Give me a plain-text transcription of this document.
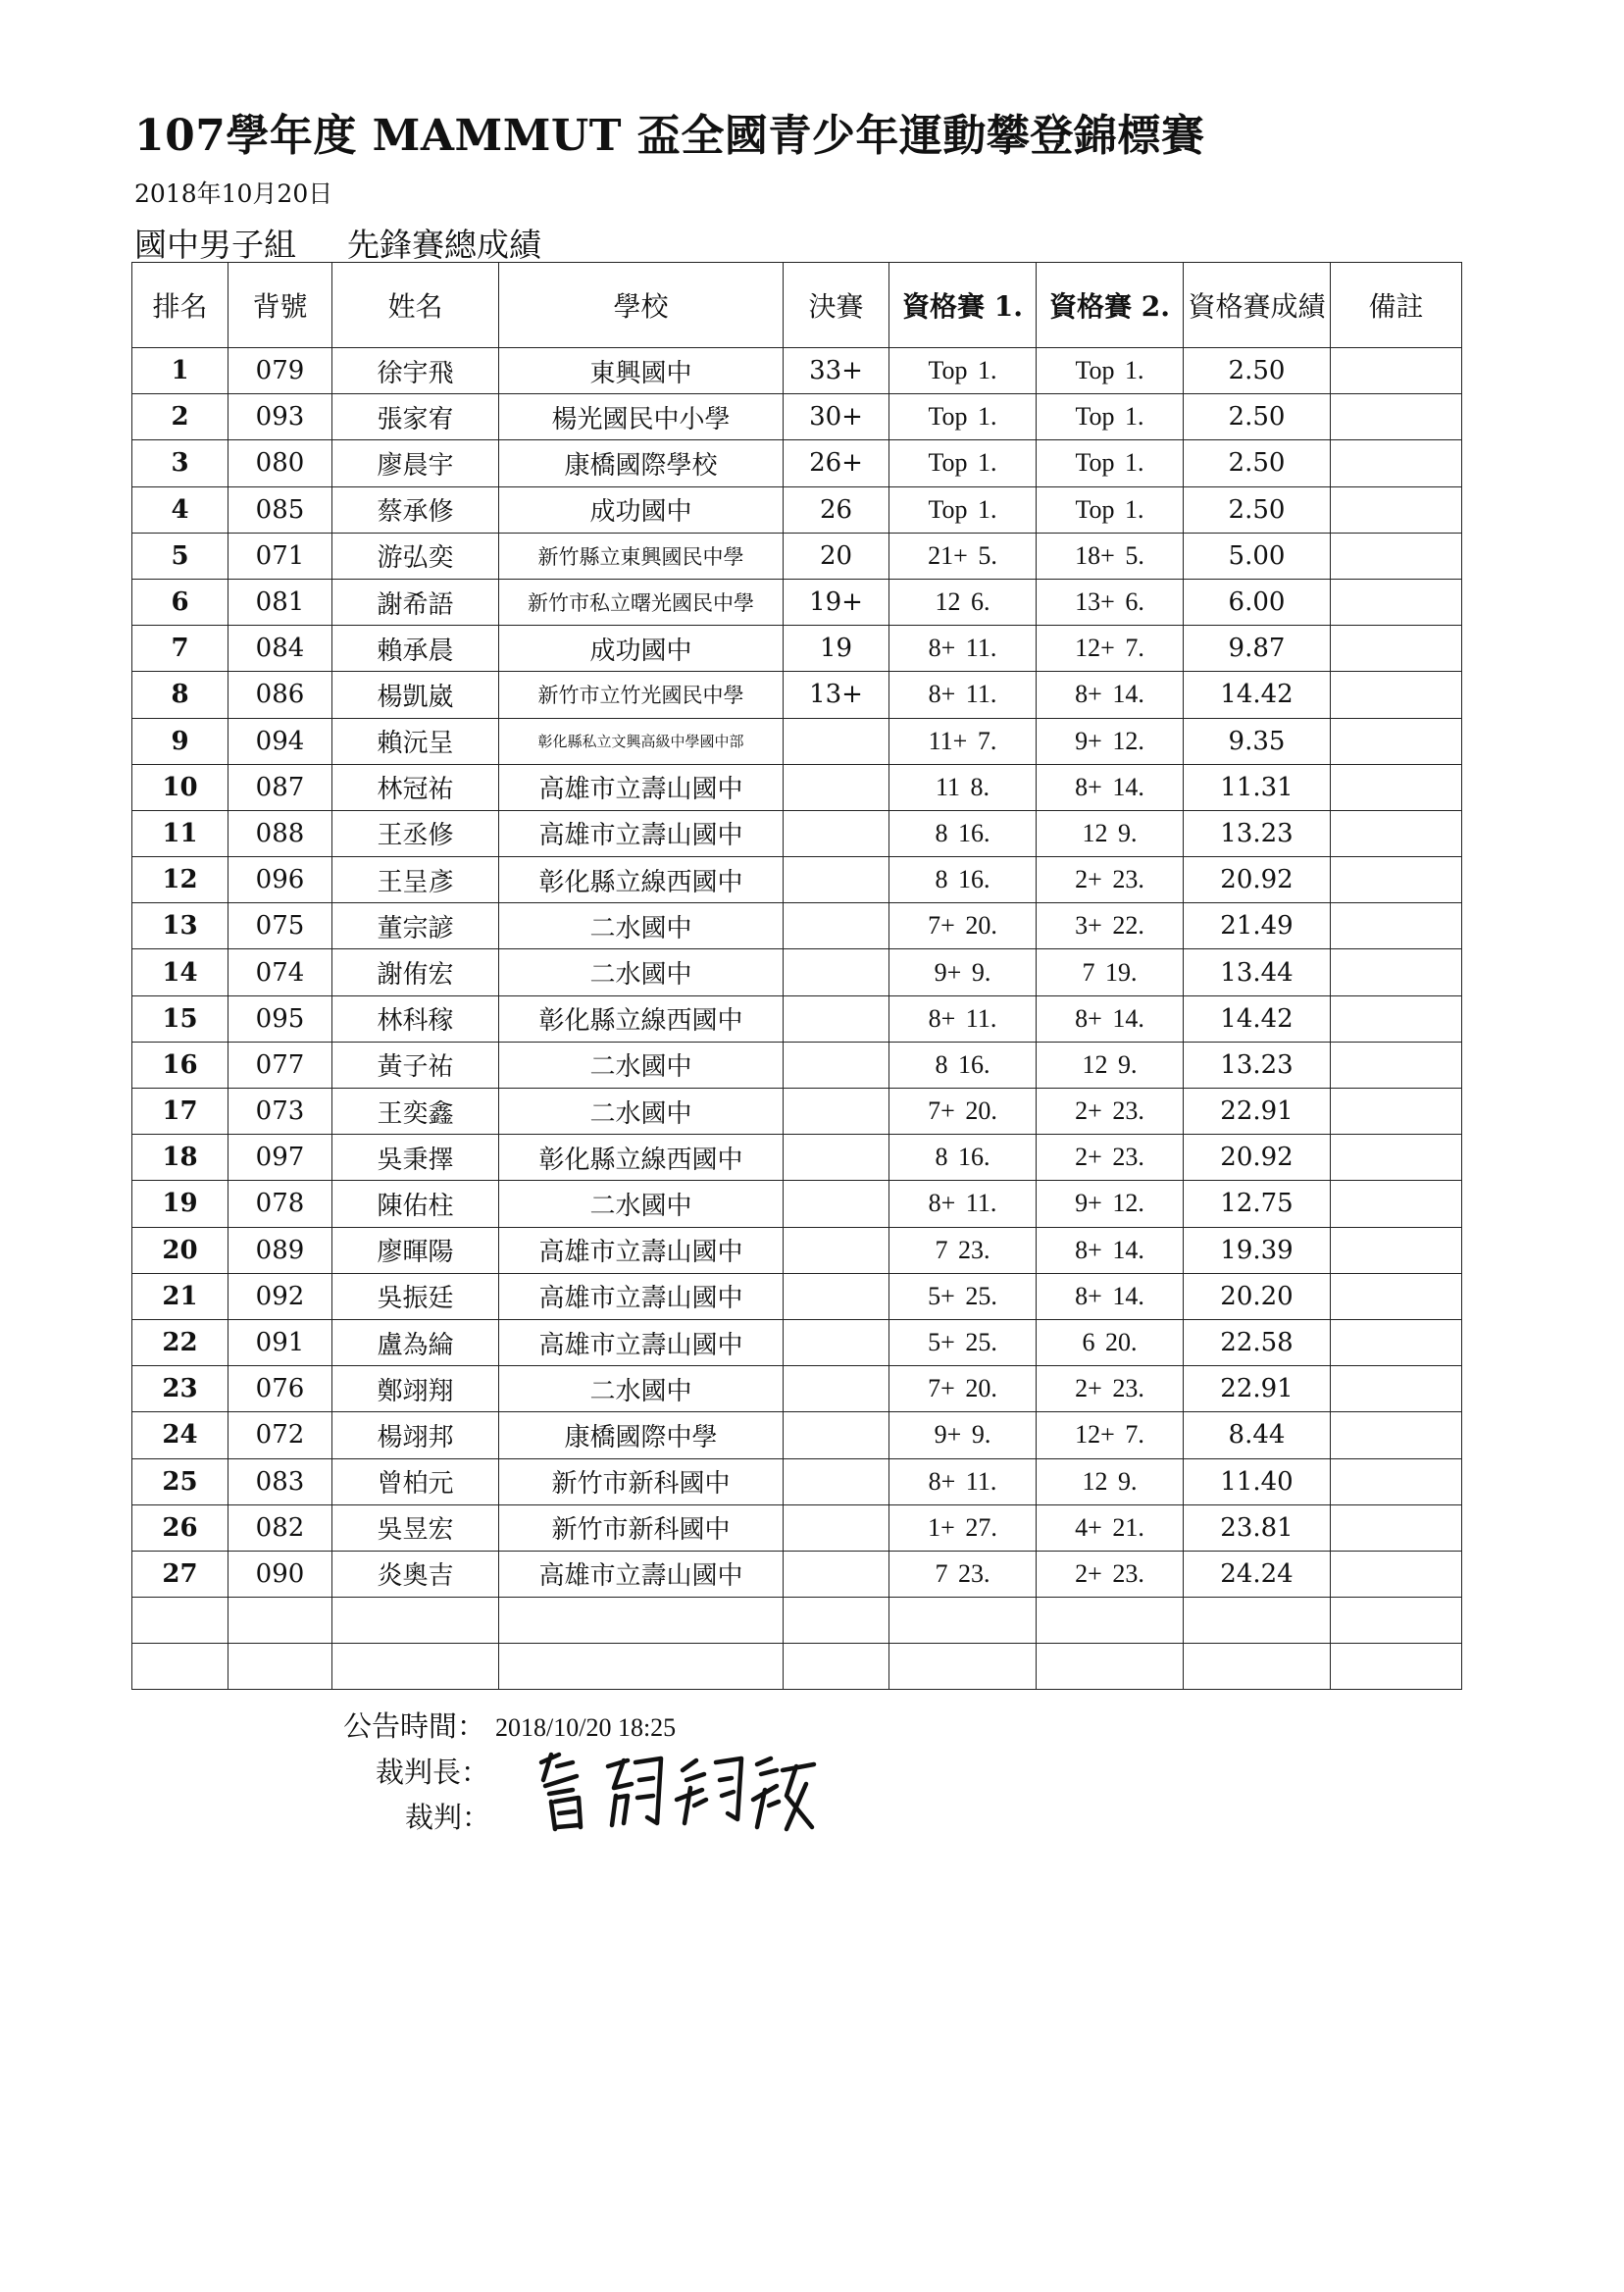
107學年度 MAMMUT 盃全國青少年運動攀登錦標賽
2018年10月20日
國中男子組 先鋒賽總成績
排名	背號	姓名	學校	決賽	資格賽 1.	資格賽 2.	資格賽成績	備註
1	079	徐宇飛	東興國中	33+	Top 1.	Top 1.	2.50	
2	093	張家宥	楊光國民中小學	30+	Top 1.	Top 1.	2.50	
3	080	廖晨宇	康橋國際學校	26+	Top 1.	Top 1.	2.50	
4	085	蔡承修	成功國中	26	Top 1.	Top 1.	2.50	
5	071	游弘奕	新竹縣立東興國民中學	20	21+ 5.	18+ 5.	5.00	
6	081	謝希語	新竹市私立曙光國民中學	19+	12 6.	13+ 6.	6.00	
7	084	賴承晨	成功國中	19	8+ 11.	12+ 7.	9.87	
8	086	楊凱崴	新竹市立竹光國民中學	13+	8+ 11.	8+ 14.	14.42	
9	094	賴沅呈	彰化縣私立文興高級中學國中部		11+ 7.	9+ 12.	9.35	
10	087	林冠祐	高雄市立壽山國中		11 8.	8+ 14.	11.31	
11	088	王丞修	高雄市立壽山國中		8 16.	12 9.	13.23	
12	096	王呈彥	彰化縣立線西國中		8 16.	2+ 23.	20.92	
13	075	董宗諺	二水國中		7+ 20.	3+ 22.	21.49	
14	074	謝侑宏	二水國中		9+ 9.	7 19.	13.44	
15	095	林科稼	彰化縣立線西國中		8+ 11.	8+ 14.	14.42	
16	077	黃子祐	二水國中		8 16.	12 9.	13.23	
17	073	王奕鑫	二水國中		7+ 20.	2+ 23.	22.91	
18	097	吳秉擇	彰化縣立線西國中		8 16.	2+ 23.	20.92	
19	078	陳佑柱	二水國中		8+ 11.	9+ 12.	12.75	
20	089	廖暉陽	高雄市立壽山國中		7 23.	8+ 14.	19.39	
21	092	吳振廷	高雄市立壽山國中		5+ 25.	8+ 14.	20.20	
22	091	盧為綸	高雄市立壽山國中		5+ 25.	6 20.	22.58	
23	076	鄭翊翔	二水國中		7+ 20.	2+ 23.	22.91	
24	072	楊翊邦	康橋國際中學		9+ 9.	12+ 7.	8.44	
25	083	曾柏元	新竹市新科國中		8+ 11.	12 9.	11.40	
26	082	吳昱宏	新竹市新科國中		1+ 27.	4+ 21.	23.81	
27	090	炎奧吉	高雄市立壽山國中		7 23.	2+ 23.	24.24	

公告時間： 2018/10/20 18:25
裁判長：
裁判：
